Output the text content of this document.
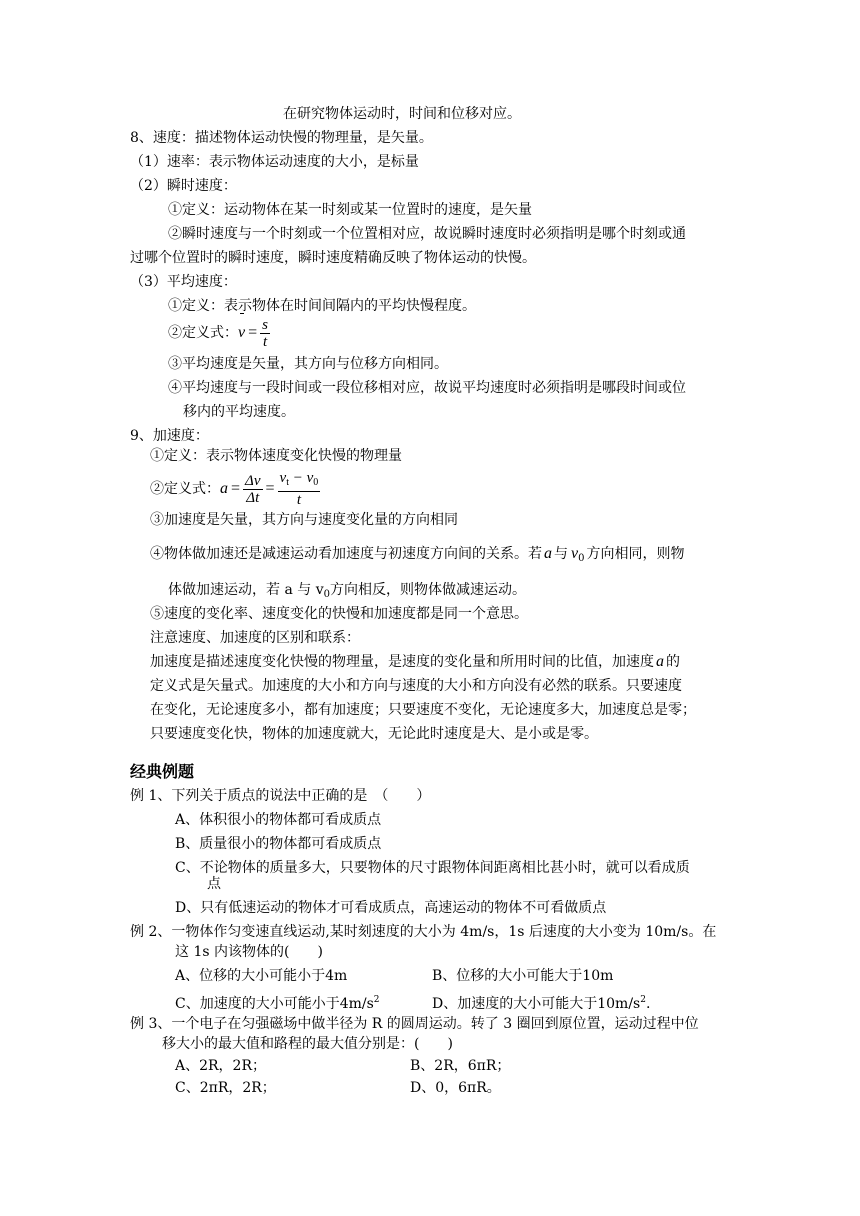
在研究物体运动时，时间和位移对应。
8、速度：描述物体运动快慢的物理量，是矢量。
（1）速率：表示物体运动速度的大小，是标量
（2）瞬时速度：
①定义：运动物体在某一时刻或某一位置时的速度，是矢量
②瞬时速度与一个时刻或一个位置相对应，故说瞬时速度时必须指明是哪个时刻或通
过哪个位置时的瞬时速度，瞬时速度精确反映了物体运动的快慢。
（3）平均速度：
①定义：表示物体在时间间隔内的平均快慢程度。
②定义式：$v = \frac{s}{t}$
③平均速度是矢量，其方向与位移方向相同。
④平均速度与一段时间或一段位移相对应，故说平均速度时必须指明是哪段时间或位
移内的平均速度。
9、加速度：
①定义：表示物体速度变化快慢的物理量
②定义式：$a = \frac{\Delta v}{\Delta t} = \frac{v_t - v_0}{t}$
③加速度是矢量，其方向与速度变化量的方向相同
④物体做加速还是减速运动看加速度与初速度方向间的关系。若 a 与 $v_0$ 方向相同，则物
体做加速运动，若 a 与 $v_0$方向相反，则物体做减速运动。
⑤速度的变化率、速度变化的快慢和加速度都是同一个意思。
注意速度、加速度的区别和联系：
加速度是描述速度变化快慢的物理量，是速度的变化量和所用时间的比值，加速度 a 的
定义式是矢量式。加速度的大小和方向与速度的大小和方向没有必然的联系。只要速度
在变化，无论速度多小，都有加速度；只要速度不变化，无论速度多大，加速度总是零；
只要速度变化快，物体的加速度就大，无论此时速度是大、是小或是零。
经典例题
例 1、下列关于质点的说法中正确的是　（　　）
A、体积很小的物体都可看成质点
B、质量很小的物体都可看成质点
C、不论物体的质量多大，只要物体的尺寸跟物体间距离相比甚小时，就可以看成质
点
D、只有低速运动的物体才可看成质点，高速运动的物体不可看做质点
例 2、一物体作匀变速直线运动,某时刻速度的大小为 4m/s，1s 后速度的大小变为 10m/s。在
这 1s 内该物体的(　　)
A、位移的大小可能小于4m	B、位移的大小可能大于10m
C、加速度的大小可能小于$4m/s^2$	D、加速度的大小可能大于$10m/s^2$.
例 3、一个电子在匀强磁场中做半径为 R 的圆周运动。转了 3 圈回到原位置，运动过程中位
移大小的最大值和路程的最大值分别是：(　　)
A、2R，2R；	B、2R，6πR；
C、2πR，2R；	D、0，6πR。
